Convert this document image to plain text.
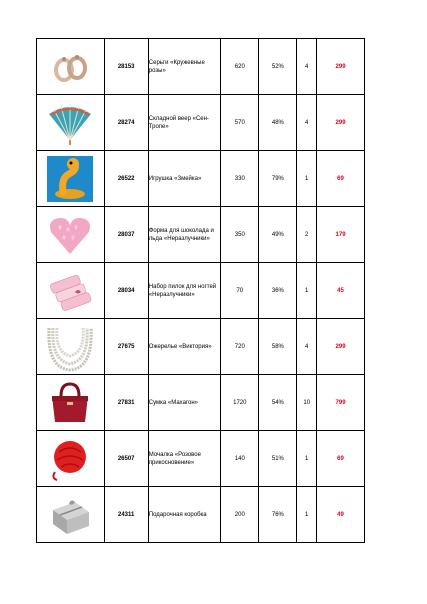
	28153	Серьги «Кружевные розы»	620	52%	4	299

	28274	Складной веер «Сен-Тропе»	570	48%	4	299

	26522	Игрушка «Змейка»	330	79%	1	69

	28037	Форма для шоколада и льда «Неразлучники»	350	49%	2	179

	28034	Набор пилок для ногтей «Неразлучники»	70	36%	1	45

	27675	Ожерелье «Виктория»	720	58%	4	299

	27831	Сумка «Махагон»	1720	54%	10	799

	26507	Мочалка «Розовое прикосновение»	140	51%	1	69

	24311	Подарочная коробка	200	76%	1	49
